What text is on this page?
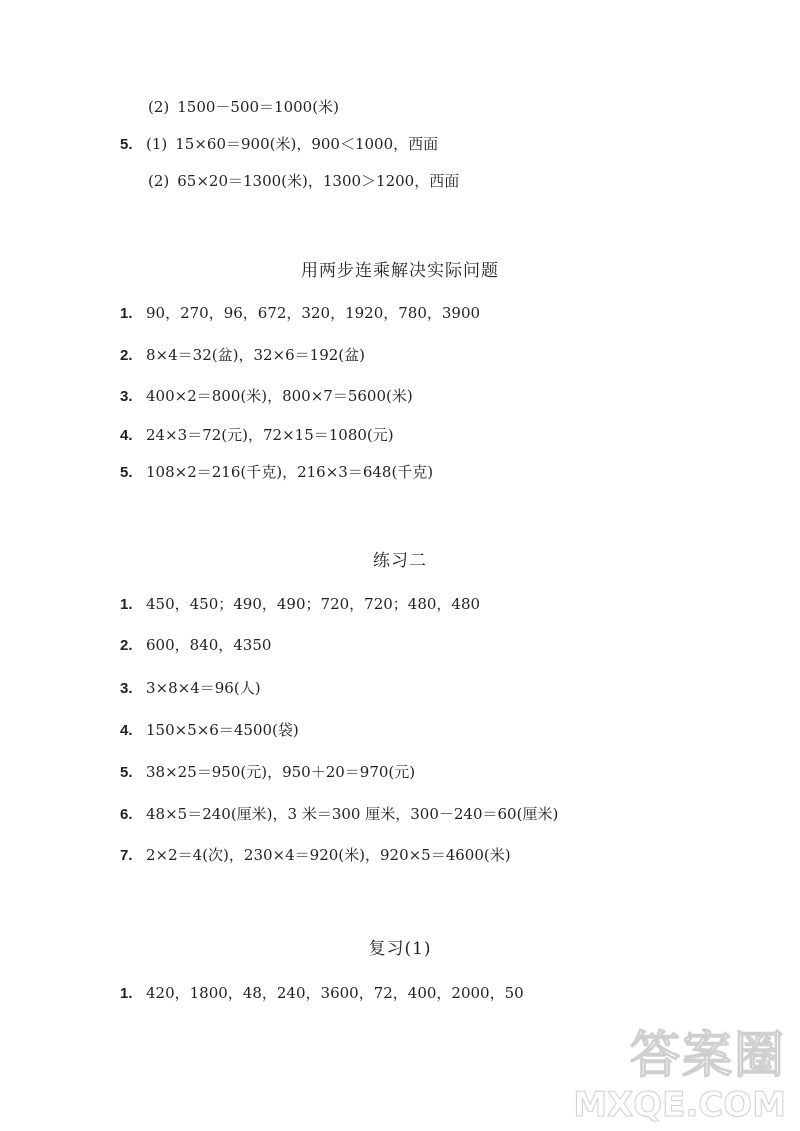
(2) 1500－500＝1000(米)
5. (1) 15×60＝900(米)，900＜1000，西面
(2) 65×20＝1300(米)，1300＞1200，西面
用两步连乘解决实际问题
1. 90，270，96，672，320，1920，780，3900
2. 8×4＝32(盆)，32×6＝192(盆)
3. 400×2＝800(米)，800×7＝5600(米)
4. 24×3＝72(元)，72×15＝1080(元)
5. 108×2＝216(千克)，216×3＝648(千克)
练习二
1. 450，450；490，490；720，720；480，480
2. 600，840，4350
3. 3×8×4＝96(人)
4. 150×5×6＝4500(袋)
5. 38×25＝950(元)，950＋20＝970(元)
6. 48×5＝240(厘米)，3 米＝300 厘米，300－240＝60(厘米)
7. 2×2＝4(次)，230×4＝920(米)，920×5＝4600(米)
复习(1)
1. 420，1800，48，240，3600，72，400，2000，50
答案圈
MXQE.COM
